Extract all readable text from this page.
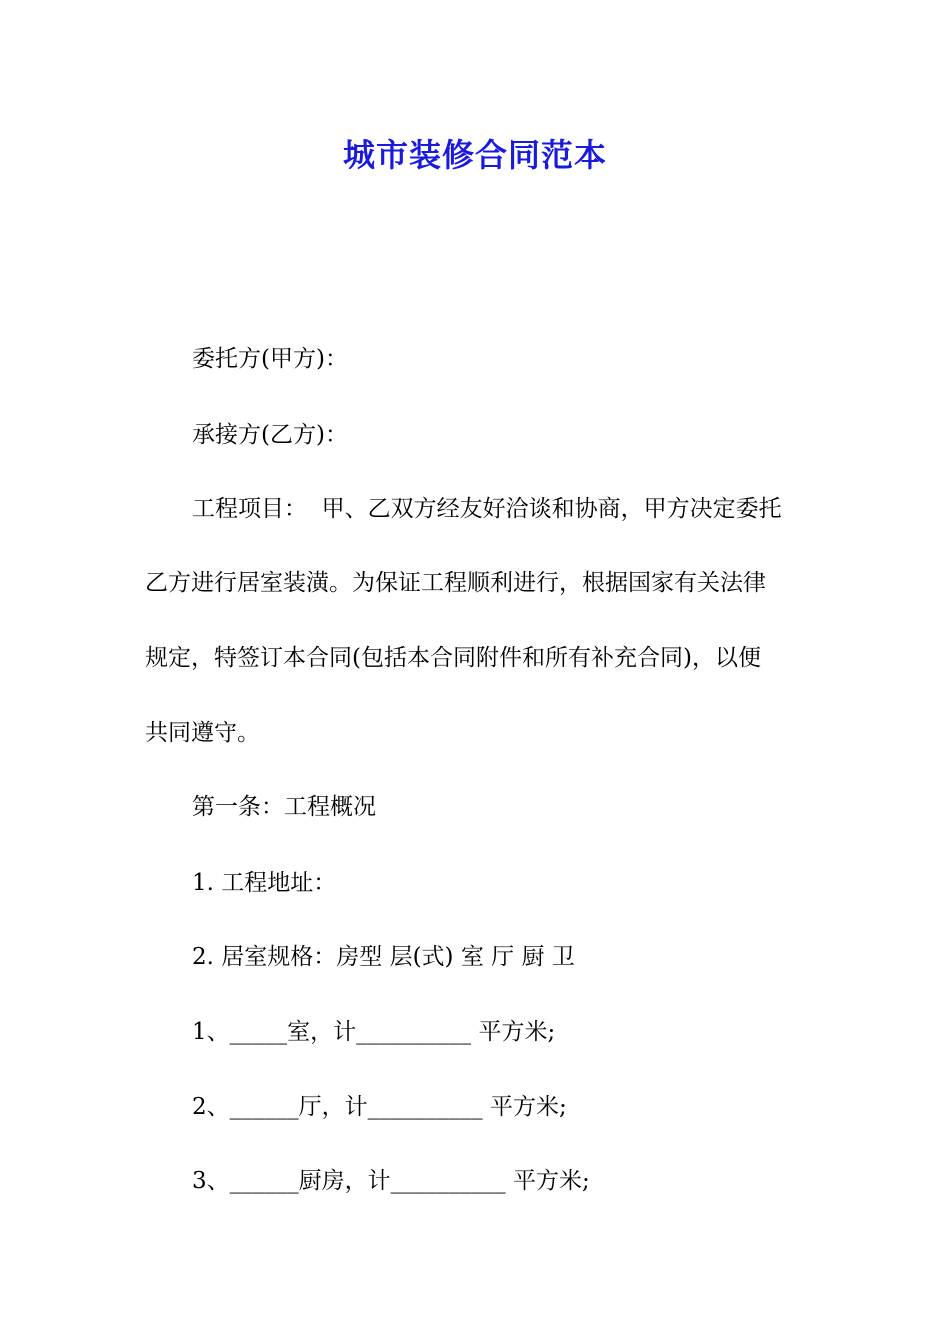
城市装修合同范本
委托方(甲方)：
承接方(乙方)：
工程项目：  甲、乙双方经友好洽谈和协商，甲方决定委托
乙方进行居室装潢。为保证工程顺利进行，根据国家有关法律
规定，特签订本合同(包括本合同附件和所有补充合同)，以便
共同遵守。
第一条：工程概况
1. 工程地址：
2. 居室规格：房型 层(式) 室 厅 厨 卫
1、_____室，计__________ 平方米;
2、______厅，计__________ 平方米;
3、______厨房，计__________ 平方米;
